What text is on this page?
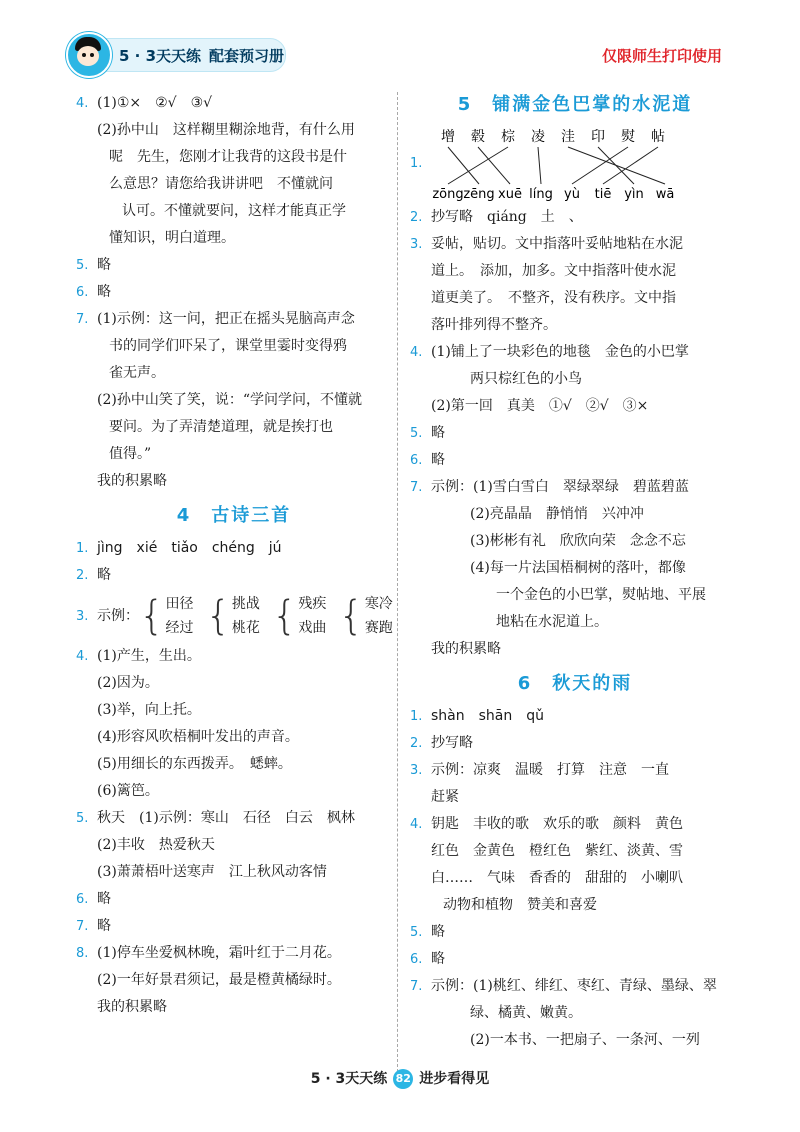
5 · 3天天练 配套预习册	仅限师生打印使用
4. (1)①×　②√　③√
(2)孙中山　这样糊里糊涂地背，有什么用
呢　先生，您刚才让我背的这段书是什
么意思？请您给我讲讲吧　不懂就问
认可。不懂就要问，这样才能真正学
懂知识，明白道理。
5. 略
6. 略
7. (1)示例：这一问，把正在摇头晃脑高声念
书的同学们吓呆了，课堂里霎时变得鸦
雀无声。
(2)孙中山笑了笑，说：“学问学问，不懂就
要问。为了弄清楚道理，就是挨打也
值得。”
我的积累略
4　古诗三首
1. jìng　xié　tiǎo　chéng　jú
2. 略
3. 示例： { 田径
经过 { 挑战
桃花 { 残疾
戏曲 { 寒冷
赛跑
4. (1)产生，生出。
(2)因为。
(3)举，向上托。
(4)形容风吹梧桐叶发出的声音。
(5)用细长的东西拨弄。　蟋蟀。
(6)篱笆。
5. 秋天　(1)示例：寒山　石径　白云　枫林
(2)丰收　热爱秋天
(3)萧萧梧叶送寒声　江上秋风动客情
6. 略
7. 略
8. (1)停车坐爱枫林晚，霜叶红于二月花。
(2)一年好景君须记，最是橙黄橘绿时。
我的积累略
5　铺满金色巴掌的水泥道
1.
增 毂 棕 凌 洼 印 熨 帖
zōng zēng xuē líng yù tiē yìn wā
2. 抄写略　qiáng　土　、
3. 妥帖，贴切。文中指落叶妥帖地粘在水泥
道上。　添加，加多。文中指落叶使水泥
道更美了。　不整齐，没有秩序。文中指
落叶排列得不整齐。
4. (1)铺上了一块彩色的地毯　金色的小巴掌
两只棕红色的小鸟
(2)第一回　真美　①√　②√　③×
5. 略
6. 略
7. 示例：(1)雪白雪白　翠绿翠绿　碧蓝碧蓝
(2)亮晶晶　静悄悄　兴冲冲
(3)彬彬有礼　欣欣向荣　念念不忘
(4)每一片法国梧桐树的落叶，都像
一个金色的小巴掌，熨帖地、平展
地粘在水泥道上。
我的积累略
6　秋天的雨
1. shàn　shān　qǔ
2. 抄写略
3. 示例：凉爽　温暖　打算　注意　一直
赶紧
4. 钥匙　丰收的歌　欢乐的歌　颜料　黄色
红色　金黄色　橙红色　紫红、淡黄、雪
白……　气味　香香的　甜甜的　小喇叭
动物和植物　赞美和喜爱
5. 略
6. 略
7. 示例：(1)桃红、绯红、枣红、青绿、墨绿、翠
绿、橘黄、嫩黄。
(2)一本书、一把扇子、一条河、一列
5 · 3天天练 82 进步看得见
